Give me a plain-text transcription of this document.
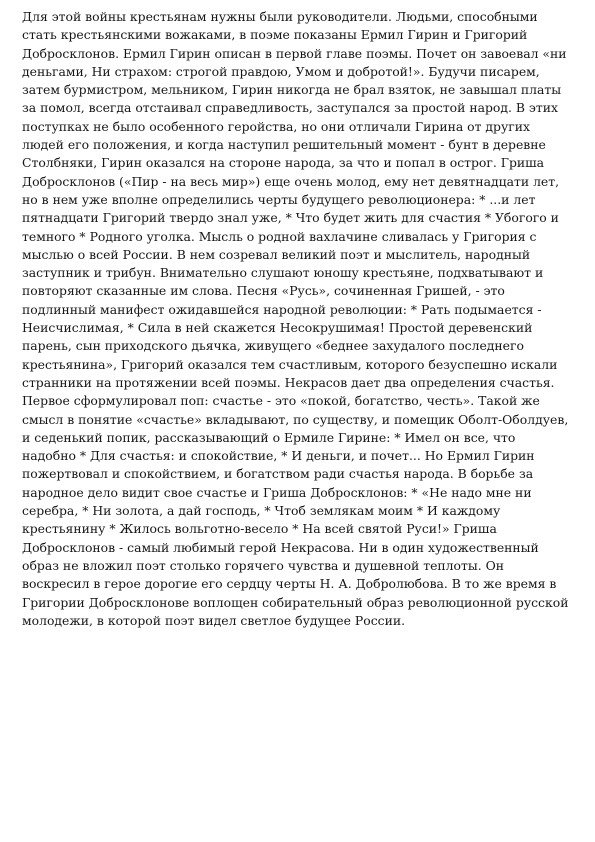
Для этой войны крестьянам нужны были руководители. Людьми, способными
стать крестьянскими вожаками, в поэме показаны Ермил Гирин и Григорий
Добросклонов. Ермил Гирин описан в первой главе поэмы. Почет он завоевал «ни
деньгами, Ни страхом: строгой правдою, Умом и добротой!». Будучи писарем,
затем бурмистром, мельником, Гирин никогда не брал взяток, не завышал платы
за помол, всегда отстаивал справедливость, заступался за простой народ. В этих
поступках не было особенного геройства, но они отличали Гирина от других
людей его положения, и когда наступил решительный момент - бунт в деревне
Столбняки, Гирин оказался на стороне народа, за что и попал в острог. Гриша
Добросклонов («Пир - на весь мир») еще очень молод, ему нет девятнадцати лет,
но в нем уже вполне определились черты будущего революционера: * ...и лет
пятнадцати Григорий твердо знал уже, * Что будет жить для счастия * Убогого и
темного * Родного уголка. Мысль о родной вахлачине сливалась у Григория с
мыслью о всей России. В нем созревал великий поэт и мыслитель, народный
заступник и трибун. Внимательно слушают юношу крестьяне, подхватывают и
повторяют сказанные им слова. Песня «Русь», сочиненная Гришей, - это
подлинный манифест ожидавшейся народной революции: * Рать подымается -
Неисчислимая, * Сила в ней скажется Несокрушимая! Простой деревенский
парень, сын приходского дьячка, живущего «беднее захудалого последнего
крестьянина», Григорий оказался тем счастливым, которого безуспешно искали
странники на протяжении всей поэмы. Некрасов дает два определения счастья.
Первое сформулировал поп: счастье - это «покой, богатство, честь». Такой же
смысл в понятие «счастье» вкладывают, по существу, и помещик Оболт-Оболдуев,
и седенький попик, рассказывающий о Ермиле Гирине: * Имел он все, что
надобно * Для счастья: и спокойствие, * И деньги, и почет... Но Ермил Гирин
пожертвовал и спокойствием, и богатством ради счастья народа. В борьбе за
народное дело видит свое счастье и Гриша Добросклонов: * «Не надо мне ни
серебра, * Ни золота, а дай господь, * Чтоб землякам моим * И каждому
крестьянину * Жилось вольготно-весело * На всей святой Руси!» Гриша
Добросклонов - самый любимый герой Некрасова. Ни в один художественный
образ не вложил поэт столько горячего чувства и душевной теплоты. Он
воскресил в герое дорогие его сердцу черты Н. А. Добролюбова. В то же время в
Григории Добросклонове воплощен собирательный образ революционной русской
молодежи, в которой поэт видел светлое будущее России.
